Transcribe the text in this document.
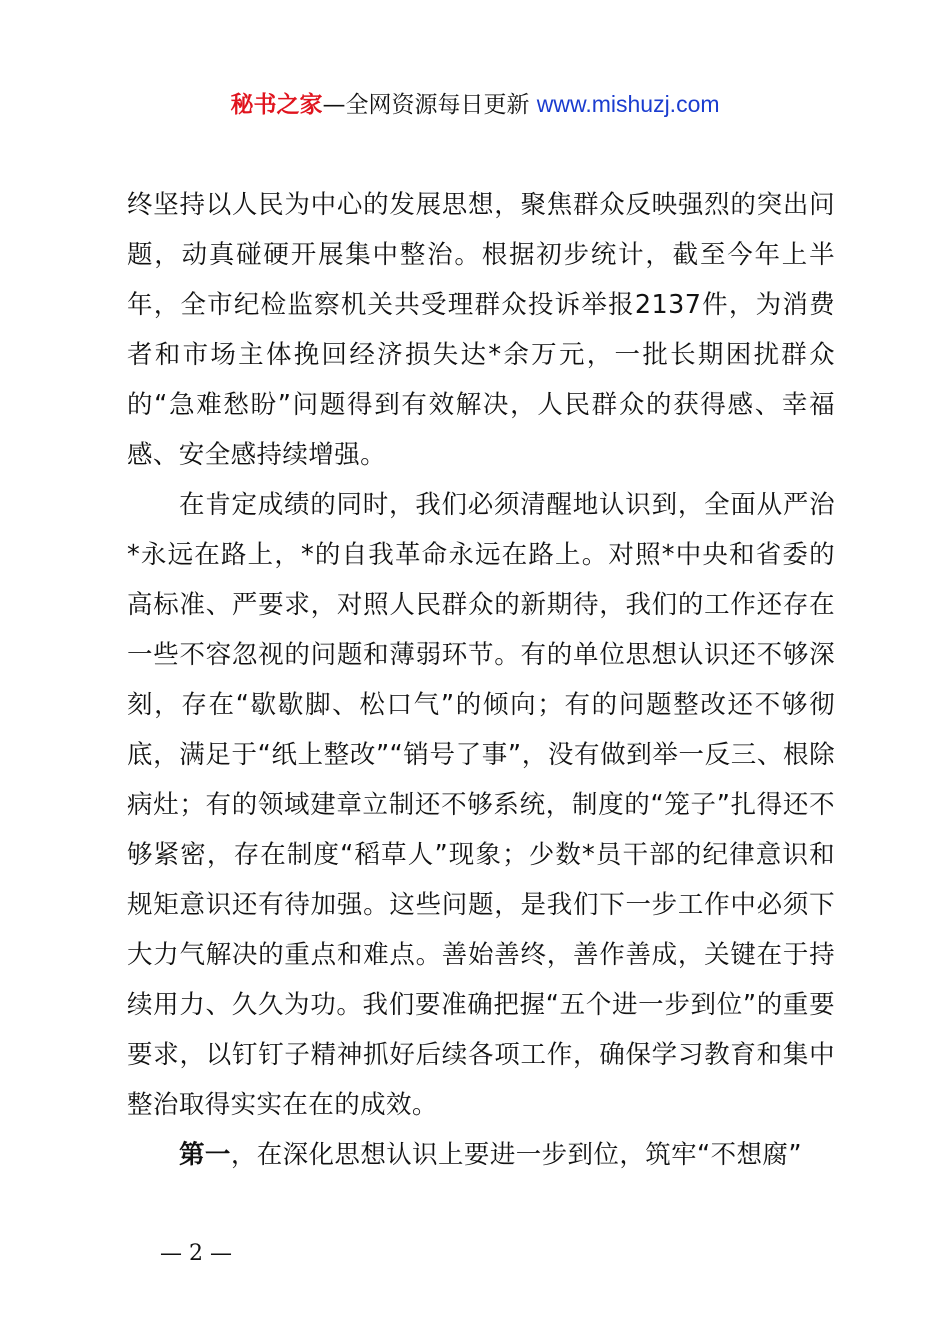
秘书之家—全网资源每日更新 www.mishuzj.com

终坚持以人民为中心的发展思想，聚焦群众反映强烈的突出问题，动真碰硬开展集中整治。根据初步统计，截至今年上半年，全市纪检监察机关共受理群众投诉举报2137件，为消费者和市场主体挽回经济损失达*余万元，一批长期困扰群众的“急难愁盼”问题得到有效解决，人民群众的获得感、幸福感、安全感持续增强。

在肯定成绩的同时，我们必须清醒地认识到，全面从严治*永远在路上，*的自我革命永远在路上。对照*中央和省委的高标准、严要求，对照人民群众的新期待，我们的工作还存在一些不容忽视的问题和薄弱环节。有的单位思想认识还不够深刻，存在“歇歇脚、松口气”的倾向；有的问题整改还不够彻底，满足于“纸上整改”“销号了事”，没有做到举一反三、根除病灶；有的领域建章立制还不够系统，制度的“笼子”扎得还不够紧密，存在制度“稻草人”现象；少数*员干部的纪律意识和规矩意识还有待加强。这些问题，是我们下一步工作中必须下大力气解决的重点和难点。善始善终，善作善成，关键在于持续用力、久久为功。我们要准确把握“五个进一步到位”的重要要求，以钉钉子精神抓好后续各项工作，确保学习教育和集中整治取得实实在在的成效。

第一，在深化思想认识上要进一步到位，筑牢“不想腐”

— 2 —
